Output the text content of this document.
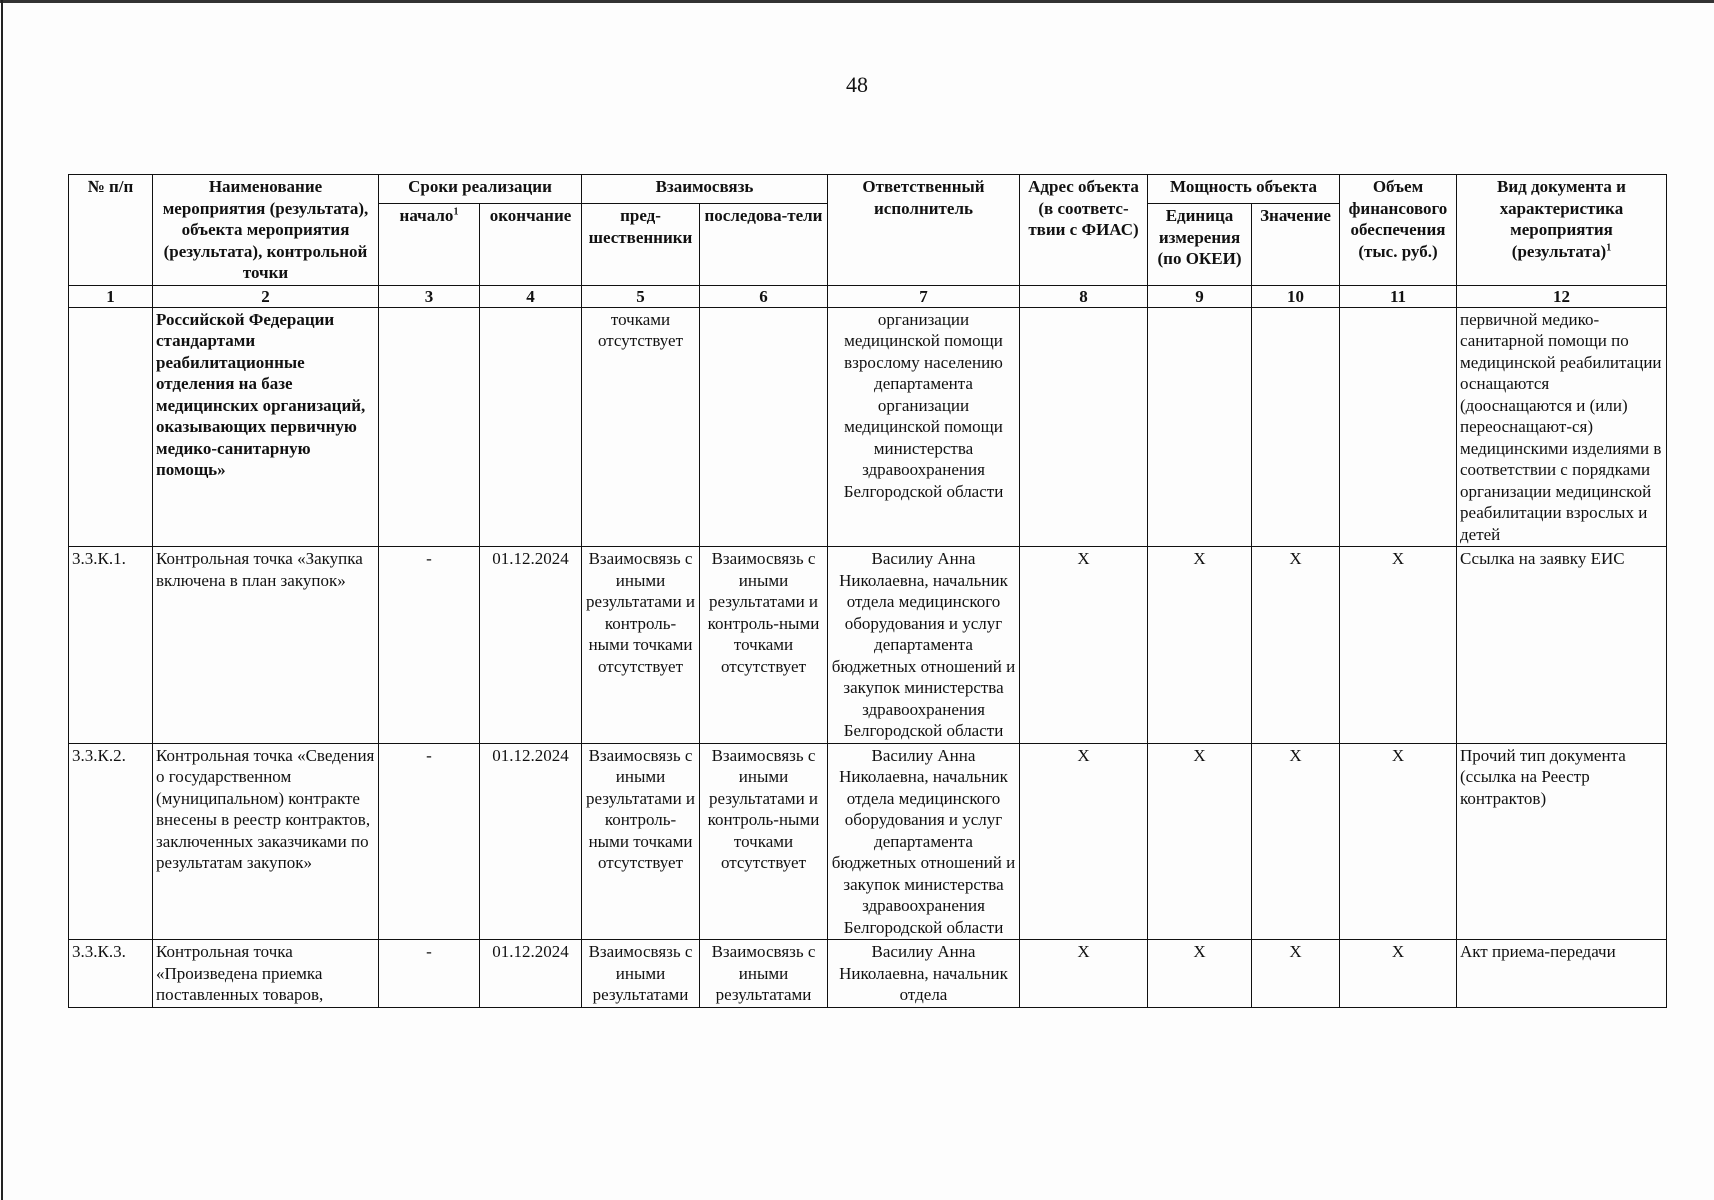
48
№ п/п	Наименование мероприятия (результата), объекта мероприятия (результата), контрольной точки	Сроки реализации		Взаимосвязь		Ответственный исполнитель	Адрес объекта (в соответс-твии с ФИАС)	Мощность объекта		Объем финансового обеспечения (тыс. руб.)	Вид документа и характеристика мероприятия (результата)$^1$
		начало$^1$	окончание	пред-шественники	последова-тели			Единица измерения (по ОКЕИ)	Значение		
1	2	3	4	5	6	7	8	9	10	11	12
	Российской Федерации стандартами реабилитационные отделения на базе медицинских организаций, оказывающих первичную медико-санитарную помощь»			точками отсутствует		организации медицинской помощи взрослому населению департамента организации медицинской помощи министерства здравоохранения Белгородской области					первичной медико-санитарной помощи по медицинской реабилитации оснащаются (дооснащаются и (или) переоснащают-ся) медицинскими изделиями в соответствии с порядками организации медицинской реабилитации взрослых и детей
3.3.К.1.	Контрольная точка «Закупка включена в план закупок»	-	01.12.2024	Взаимосвязь с иными результатами и контроль-ными точками отсутствует	Взаимосвязь с иными результатами и контроль-ными точками отсутствует	Василиу Анна Николаевна, начальник отдела медицинского оборудования и услуг департамента бюджетных отношений и закупок министерства здравоохранения Белгородской области	X	X	X	X	Ссылка на заявку ЕИС
3.3.К.2.	Контрольная точка «Сведения о государственном (муниципальном) контракте внесены в реестр контрактов, заключенных заказчиками по результатам закупок»	-	01.12.2024	Взаимосвязь с иными результатами и контроль-ными точками отсутствует	Взаимосвязь с иными результатами и контроль-ными точками отсутствует	Василиу Анна Николаевна, начальник отдела медицинского оборудования и услуг департамента бюджетных отношений и закупок министерства здравоохранения Белгородской области	X	X	X	X	Прочий тип документа (ссылка на Реестр контрактов)
3.3.К.3.	Контрольная точка «Произведена приемка поставленных товаров,	-	01.12.2024	Взаимосвязь с иными результатами	Взаимосвязь с иными результатами	Василиу Анна Николаевна, начальник отдела	X	X	X	X	Акт приема-передачи
